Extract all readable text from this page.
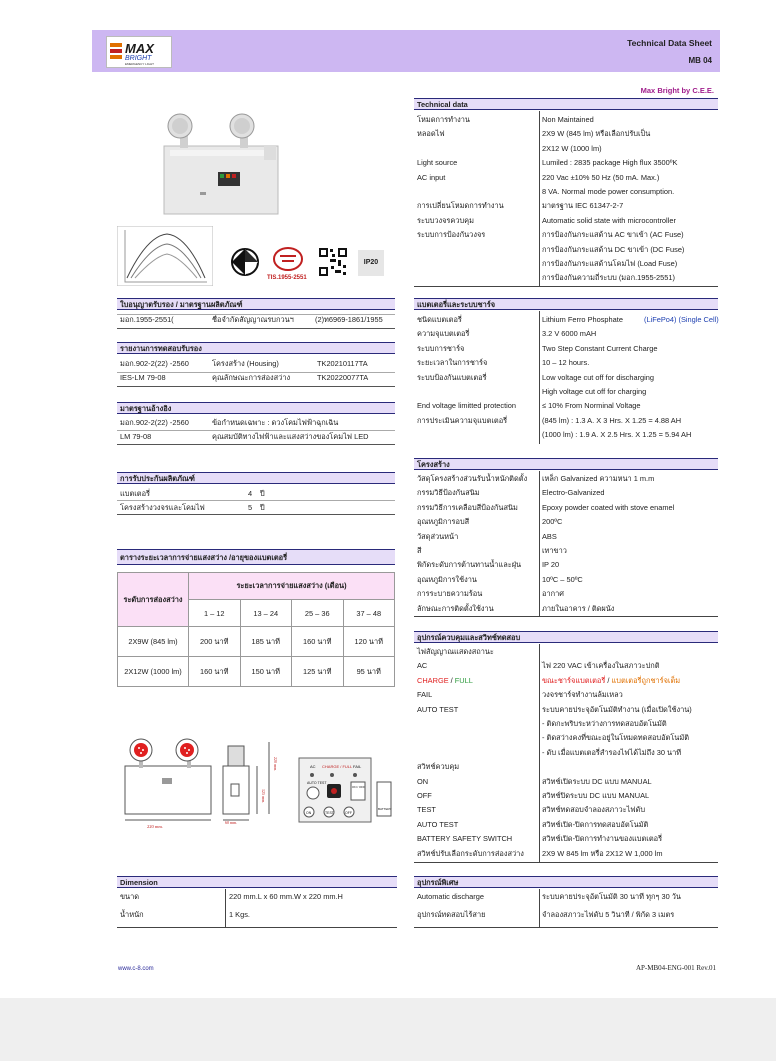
MAX
BRIGHT
EMERGENCY LIGHT
Technical Data Sheet
MB 04
Max Bright by C.E.E.
TIS.1955-2551
IP20
Technical data
โหมดการทำงาน	Non Maintained
หลอดไฟ	2X9 W (845 lm) หรือเลือกปรับเป็น
2X12 W (1000 lm)
Light source	Lumiled : 2835 package High flux 3500ºK
AC input	220 Vac ±10% 50 Hz (50 mA. Max.)
8 VA. Normal mode power consumption.
การเปลี่ยนโหมดการทำงาน	มาตรฐาน IEC 61347-2-7
ระบบวงจรควบคุม	Automatic solid state with microcontroller
ระบบการป้องกันวงจร	การป้องกันกระแสด้าน AC ขาเข้า (AC Fuse)
การป้องกันกระแสด้าน DC ขาเข้า (DC Fuse)
การป้องกันกระแสด้านโคมไฟ (Load Fuse)
การป้องกันความถี่ระบบ (มอก.1955-2551)
แบตเตอรี่และระบบชาร์จ
ชนิดแบตเตอรี่	Lithium Ferro Phosphate	(LiFePo4) (Single Cell)
ความจุแบตเตอรี่	3.2 V 6000 mAH
ระบบการชาร์จ	Two Step Constant Current Charge
ระยะเวลาในการชาร์จ	10 – 12 hours.
ระบบป้องกันแบตเตอรี่	Low voltage cut off for discharging
High voltage cut off for charging
End voltage limitted protection	≤ 10% From Norminal Voltage
การประเมินความจุแบตเตอรี่	(845 lm) : 1.3 A. X 3 Hrs. X 1.25 = 4.88 AH
(1000 lm) : 1.9 A. X 2.5 Hrs. X 1.25 = 5.94 AH
โครงสร้าง
วัสดุโครงสร้างส่วนรับน้ำหนักติดตั้ง เหล็ก Galvanized ความหนา 1 m.m
กรรมวิธีป้องกันสนิม	Electro-Galvanized
กรรมวิธีการเคลือบสีป้องกันสนิม	Epoxy powder coated with stove enamel
อุณหภูมิการอบสี	200ºC
วัสดุส่วนหน้า	ABS
สี	เทาขาว
พิกัดระดับการต้านทานน้ำและฝุ่น	IP 20
อุณหภูมิการใช้งาน	10ºC – 50ºC
การระบายความร้อน	อากาศ
ลักษณะการติดตั้งใช้งาน	ภายในอาคาร / ติดผนัง
อุปกรณ์ควบคุมและสวิทช์ทดสอบ
ไฟสัญญาณแสดงสถานะ
AC	ไฟ 220 VAC เข้าเครื่องในสภาวะปกติ
CHARGE / FULL	ขณะชาร์จแบตเตอรี่ / แบตเตอรี่ถูกชาร์จเต็ม
FAIL	วงจรชาร์จทำงานล้มเหลว
AUTO TEST	ระบบคายประจุอัตโนมัติทำงาน (เมื่อเปิดใช้งาน)
- ติดกะพริบระหว่างการทดสอบอัตโนมัติ
- ติดสว่างคงที่ขณะอยู่ในโหมดทดสอบอัตโนมัติ
- ดับ เมื่อแบตเตอรี่สำรองไฟได้ไม่ถึง 30 นาที
สวิทช์ควบคุม
ON	สวิทช์เปิดระบบ DC แบบ MANUAL
OFF	สวิทช์ปิดระบบ DC แบบ MANUAL
TEST	สวิทช์ทดสอบจำลองสภาวะไฟดับ
AUTO TEST	สวิทช์เปิด-ปิดการทดสอบอัตโนมัติ
BATTERY SAFETY SWITCH	สวิทช์เปิด-ปิดการทำงานของแบตเตอรี่
สวิทช์ปรับเลือกระดับการส่องสว่าง 2X9 W 845 lm หรือ 2X12 W 1,000 lm
ใบอนุญาตรับรอง / มาตรฐานผลิตภัณฑ์
มอก.1955-2551(	ชื่อจำกัดสัญญาณรบกวนฯ	(2)ท6969-1861/1955
รายงานการทดสอบรับรอง
มอก.902-2(22) -2560	โครงสร้าง (Housing)	TK20210117TA
IES-LM 79-08	คุณลักษณะการส่องสว่าง	TK20220077TA
มาตรฐานอ้างอิง
มอก.902-2(22) -2560	ข้อกำหนดเฉพาะ : ดวงโคมไฟฟ้าฉุกเฉิน
LM 79-08	คุณสมบัติทางไฟฟ้าและแสงสว่างของโคมไฟ LED
การรับประกันผลิตภัณฑ์
แบตเตอรี่	4 ปี
โครงสร้างวงจรและโคมไฟ	5 ปี
ตารางระยะเวลาการจ่ายแสงสว่าง /อายุของแบตเตอรี่
ระดับการส่องสว่าง	ระยะเวลาการจ่ายแสงสว่าง (เดือน)			
	1 – 12	13 – 24	25 – 36	37 – 48
2X9W (845 lm)	200 นาที	185 นาที	160 นาที	120 นาที
2X12W (1000 lm)	160 นาที	150 นาที	125 นาที	95 นาที
220 mm.
60 mm.
125 mm.
220 mm.	AC CHARGE / FULL FAIL
AUTO TEST
ON / OFF
ON	TEST	OFF
BATTERY
Dimension
ขนาด	220 mm.L x 60 mm.W x 220 mm.H
น้ำหนัก	1 Kgs.
อุปกรณ์พิเศษ
Automatic discharge	ระบบคายประจุอัตโนมัติ 30 นาที ทุกๆ 30 วัน
อุปกรณ์ทดสอบไร้สาย	จำลองสภาวะไฟดับ 5 วินาที / พิกัด 3 เมตร
www.c-8.com	AP-MB04-ENG-001 Rev.01
